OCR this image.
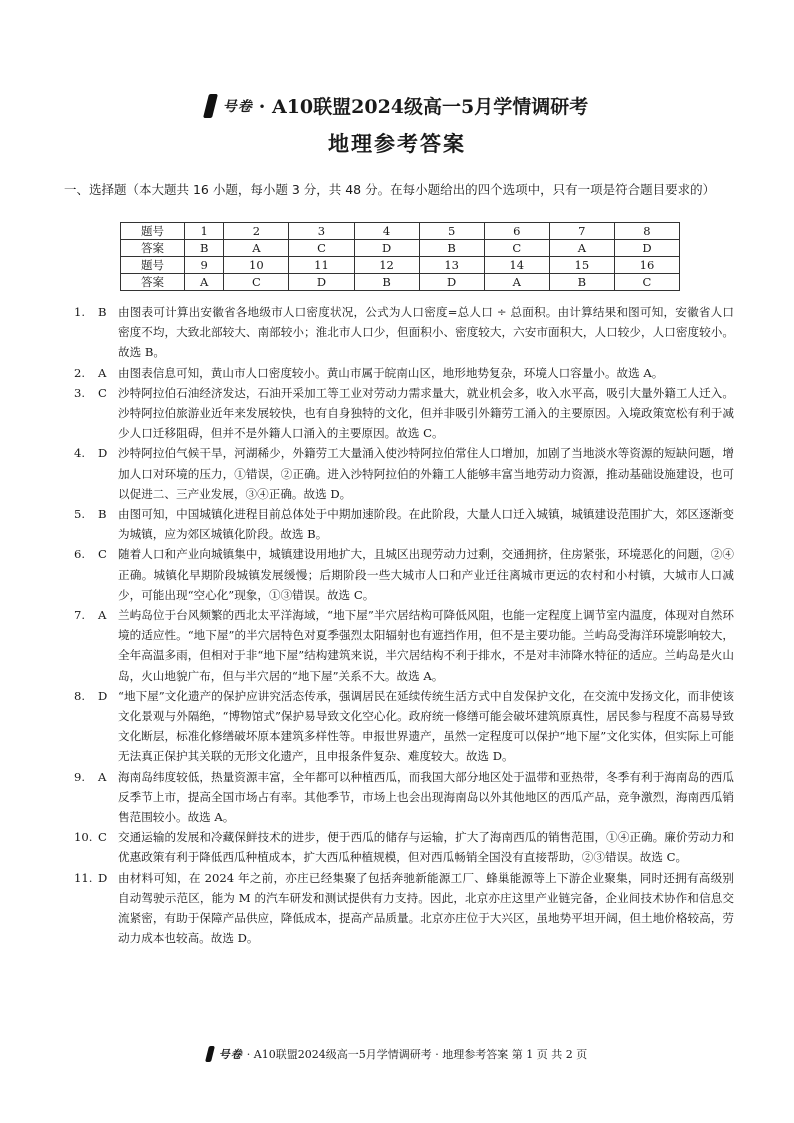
号卷 · A10联盟2024级高一5月学情调研考
地理参考答案
一、选择题（本大题共 16 小题，每小题 3 分，共 48 分。在每小题给出的四个选项中，只有一项是符合题目要求的）
题号	1	2	3	4	5	6	7	8
答案	B	A	C	D	B	C	A	D
题号	9	10	11	12	13	14	15	16
答案	A	C	D	B	D	A	B	C
1.	B 由图表可计算出安徽省各地级市人口密度状况，公式为人口密度=总人口 ÷ 总面积。由计算结果和图可知，安徽省人口密度不均，大致北部较大、南部较小；淮北市人口少，但面积小、密度较大，六安市面积大，人口较少，人口密度较小。故选 B。
2.	A	由图表信息可知，黄山市人口密度较小。黄山市属于皖南山区，地形地势复杂，环境人口容量小。故选 A。
3.	C 沙特阿拉伯石油经济发达，石油开采加工等工业对劳动力需求量大，就业机会多，收入水平高，吸引大量外籍工人迁入。沙特阿拉伯旅游业近年来发展较快，也有自身独特的文化，但并非吸引外籍劳工涌入的主要原因。入境政策宽松有利于减少人口迁移阻碍，但并不是外籍人口涌入的主要原因。故选 C。
4.	D 沙特阿拉伯气候干旱，河湖稀少，外籍劳工大量涌入使沙特阿拉伯常住人口增加，加剧了当地淡水等资源的短缺问题，增加人口对环境的压力，①错误，②正确。进入沙特阿拉伯的外籍工人能够丰富当地劳动力资源，推动基础设施建设，也可以促进二、三产业发展，③④正确。故选 D。
5.	B 由图可知，中国城镇化进程目前总体处于中期加速阶段。在此阶段，大量人口迁入城镇，城镇建设范围扩大，郊区逐渐变为城镇，应为郊区城镇化阶段。故选 B。
6.	C 随着人口和产业向城镇集中，城镇建设用地扩大，且城区出现劳动力过剩，交通拥挤，住房紧张，环境恶化的问题，②④正确。城镇化早期阶段城镇发展缓慢；后期阶段一些大城市人口和产业迁往离城市更远的农村和小村镇，大城市人口减少，可能出现“空心化”现象，①③错误。故选 C。
7.	A	兰屿岛位于台风频繁的西北太平洋海域，“地下屋”半穴居结构可降低风阻，也能一定程度上调节室内温度，体现对自然环境的适应性。“地下屋”的半穴居特色对夏季强烈太阳辐射也有遮挡作用，但不是主要功能。兰屿岛受海洋环境影响较大，全年高温多雨，但相对于非“地下屋”结构建筑来说，半穴居结构不利于排水，不是对丰沛降水特征的适应。兰屿岛是火山岛，火山地貌广布，但与半穴居的“地下屋”关系不大。故选 A。
8.	D “地下屋”文化遗产的保护应讲究活态传承，强调居民在延续传统生活方式中自发保护文化，在交流中发扬文化，而非使该文化景观与外隔绝，“博物馆式”保护易导致文化空心化。政府统一修缮可能会破坏建筑原真性，居民参与程度不高易导致文化断层，标准化修缮破坏原本建筑多样性等。申报世界遗产，虽然一定程度可以保护“地下屋”文化实体，但实际上可能无法真正保护其关联的无形文化遗产，且申报条件复杂、难度较大。故选 D。
9.	A	海南岛纬度较低，热量资源丰富，全年都可以种植西瓜，而我国大部分地区处于温带和亚热带，冬季有利于海南岛的西瓜反季节上市，提高全国市场占有率。其他季节，市场上也会出现海南岛以外其他地区的西瓜产品，竞争激烈，海南西瓜销售范围较小。故选 A。
10. C 交通运输的发展和冷藏保鲜技术的进步，便于西瓜的储存与运输，扩大了海南西瓜的销售范围，①④正确。廉价劳动力和优惠政策有利于降低西瓜种植成本，扩大西瓜种植规模，但对西瓜畅销全国没有直接帮助，②③错误。故选 C。
11. D 由材料可知，在 2024 年之前，亦庄已经集聚了包括奔驰新能源工厂、蜂巢能源等上下游企业聚集，同时还拥有高级别自动驾驶示范区，能为 M 的汽车研发和测试提供有力支持。因此，北京亦庄这里产业链完备，企业间技术协作和信息交流紧密，有助于保障产品供应，降低成本，提高产品质量。北京亦庄位于大兴区，虽地势平坦开阔，但土地价格较高，劳动力成本也较高。故选 D。
号卷 · A10联盟2024级高一5月学情调研考 · 地理参考答案 第 1 页 共 2 页
